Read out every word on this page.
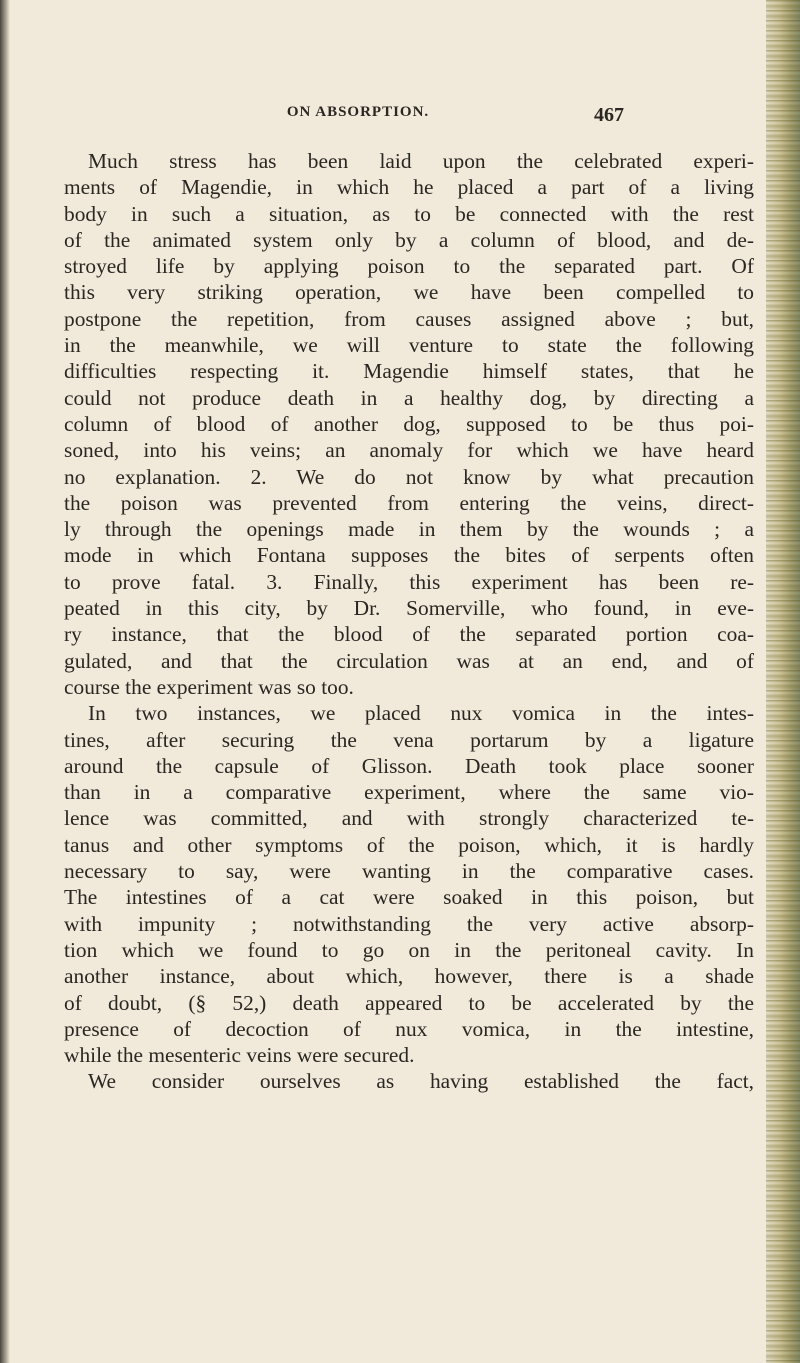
ON ABSORPTION.	467
Much stress has been laid upon the celebrated experi-
ments of Magendie, in which he placed a part of a living
body in such a situation, as to be connected with the rest
of the animated system only by a column of blood, and de-
stroyed life by applying poison to the separated part. Of
this very striking operation, we have been compelled to
postpone the repetition, from causes assigned above ; but,
in the meanwhile, we will venture to state the following
difficulties respecting it. Magendie himself states, that he
could not produce death in a healthy dog, by directing a
column of blood of another dog, supposed to be thus poi-
soned, into his veins; an anomaly for which we have heard
no explanation. 2. We do not know by what precaution
the poison was prevented from entering the veins, direct-
ly through the openings made in them by the wounds ; a
mode in which Fontana supposes the bites of serpents often
to prove fatal. 3. Finally, this experiment has been re-
peated in this city, by Dr. Somerville, who found, in eve-
ry instance, that the blood of the separated portion coa-
gulated, and that the circulation was at an end, and of
course the experiment was so too.
In two instances, we placed nux vomica in the intes-
tines, after securing the vena portarum by a ligature
around the capsule of Glisson. Death took place sooner
than in a comparative experiment, where the same vio-
lence was committed, and with strongly characterized te-
tanus and other symptoms of the poison, which, it is hardly
necessary to say, were wanting in the comparative cases.
The intestines of a cat were soaked in this poison, but
with impunity ; notwithstanding the very active absorp-
tion which we found to go on in the peritoneal cavity. In
another instance, about which, however, there is a shade
of doubt, (§ 52,) death appeared to be accelerated by the
presence of decoction of nux vomica, in the intestine,
while the mesenteric veins were secured.
We consider ourselves as having established the fact,
